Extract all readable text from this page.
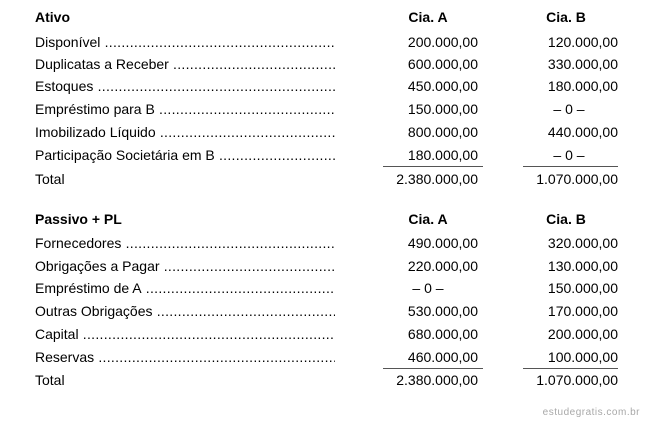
Ativo	Cia. A	Cia. B
Disponível .....	200.000,00	120.000,00
Duplicatas a Receber .....	600.000,00	330.000,00
Estoques .....	450.000,00	180.000,00
Empréstimo para B .....	150.000,00	– 0 –
Imobilizado Líquido .....	800.000,00	440.000,00
Participação Societária em B .....	180.000,00	– 0 –
Total	2.380.000,00	1.070.000,00
Passivo + PL	Cia. A	Cia. B
Fornecedores .....	490.000,00	320.000,00
Obrigações a Pagar .....	220.000,00	130.000,00
Empréstimo de A .....	– 0 –	150.000,00
Outras Obrigações .....	530.000,00	170.000,00
Capital .....	680.000,00	200.000,00
Reservas .....	460.000,00	100.000,00
Total	2.380.000,00	1.070.000,00
estudegratis.com.br
